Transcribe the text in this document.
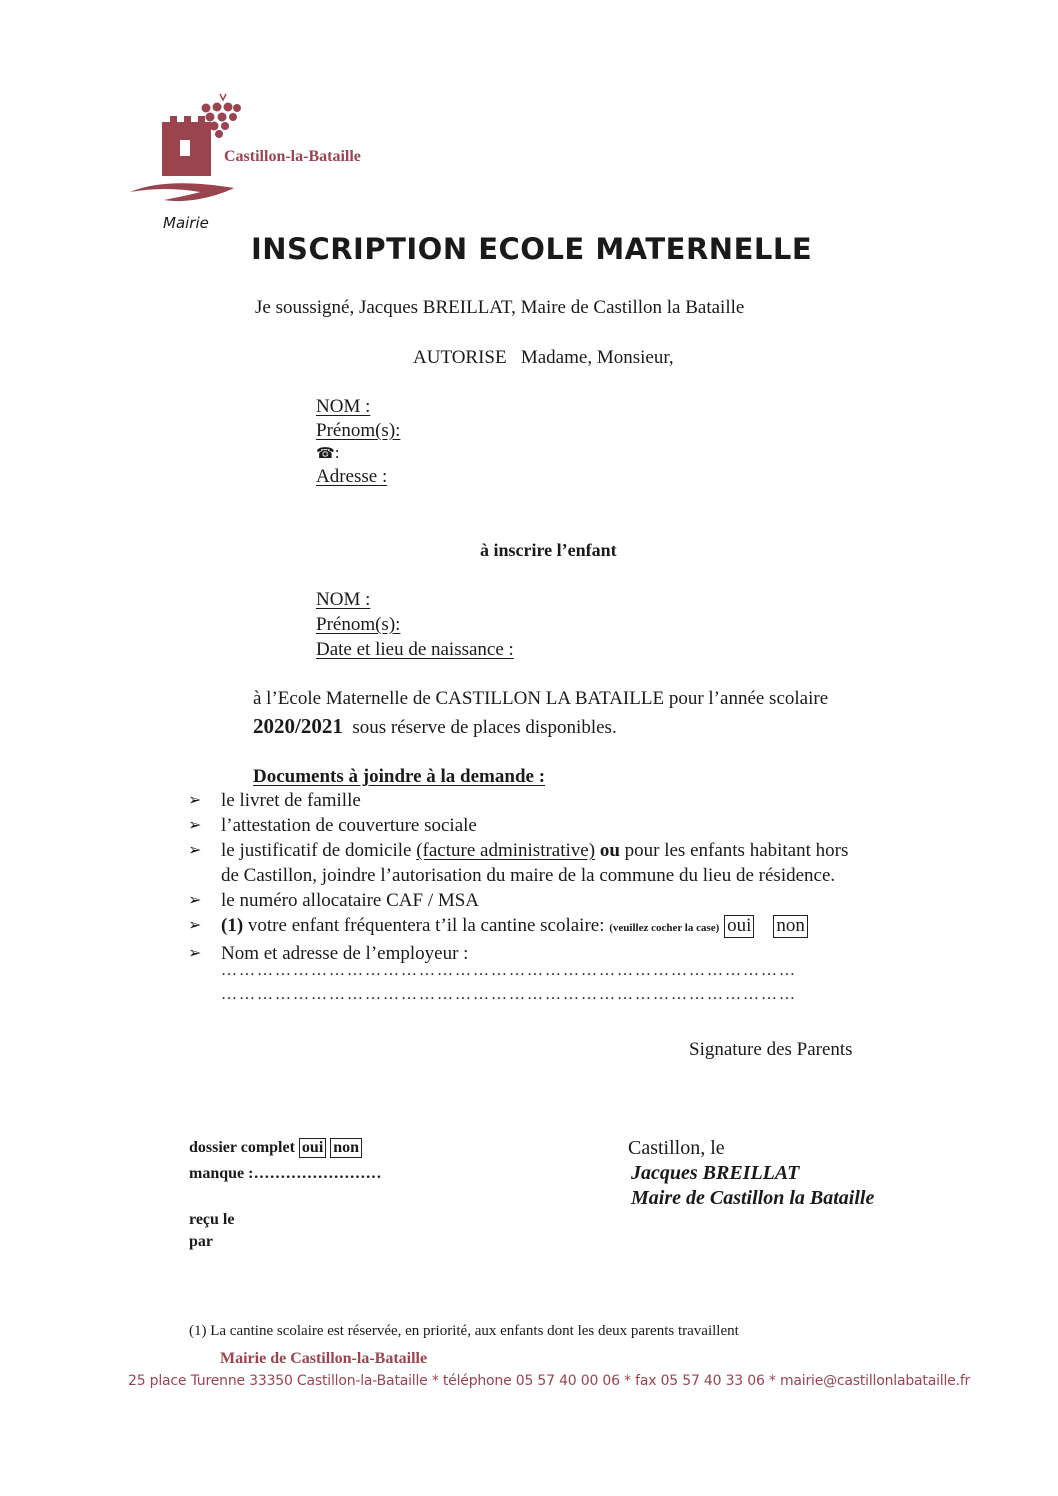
Castillon-la-Bataille
Mairie
INSCRIPTION ECOLE MATERNELLE
Je soussigné, Jacques BREILLAT, Maire de Castillon la Bataille
AUTORISE   Madame, Monsieur,
NOM :
Prénom(s):
☎:
Adresse :
à inscrire l’enfant
NOM :
Prénom(s):
Date et lieu de naissance :
à l’Ecole Maternelle de CASTILLON LA BATAILLE pour l’année scolaire
2020/2021  sous réserve de places disponibles.
Documents à joindre à la demande :
➢ le livret de famille
➢ l’attestation de couverture sociale
➢ le justificatif de domicile (facture administrative) ou pour les enfants habitant hors
de Castillon, joindre l’autorisation du maire de la commune du lieu de résidence.
➢ le numéro allocataire CAF / MSA
➢ (1) votre enfant fréquentera t’il la cantine scolaire: (veuillez cocher la case) oui non
➢ Nom et adresse de l’employeur :
……………………………………………………………………………………
……………………………………………………………………………………
Signature des Parents
dossier complet oui non
manque :……………………
reçu le
par
Castillon, le
Jacques BREILLAT
Maire de Castillon la Bataille
(1) La cantine scolaire est réservée, en priorité, aux enfants dont les deux parents travaillent
Mairie de Castillon-la-Bataille
25 place Turenne 33350 Castillon-la-Bataille * téléphone 05 57 40 00 06 * fax 05 57 40 33 06 * mairie@castillonlabataille.fr
